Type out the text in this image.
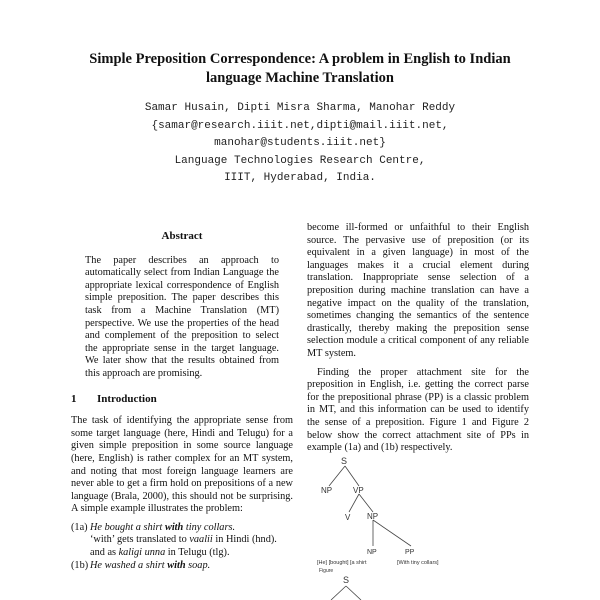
Simple Preposition Correspondence: A problem in English to Indian
language Machine Translation
Samar Husain, Dipti Misra Sharma, Manohar Reddy
{samar@research.iiit.net,dipti@mail.iiit.net,
manohar@students.iiit.net}
Language Technologies Research Centre,
IIIT, Hyderabad, India.
Abstract

The paper describes an approach to automatically select from Indian Language the appropriate lexical correspondence of English simple preposition. The paper describes this task from a Machine Translation (MT) perspective. We use the properties of the head and complement of the preposition to select the appropriate sense in the target language. We later show that the results obtained from this approach are promising.

1 Introduction

The task of identifying the appropriate sense from some target language (here, Hindi and Telugu) for a given simple preposition in some source language (here, English) is rather complex for an MT system, and noting that most foreign language learners are never able to get a firm hold on prepositions of a new language (Brala, 2000), this should not be surprising. A simple example illustrates the problem:

(1a) He bought a shirt with tiny collars.
‘with’ gets translated to vaalii in Hindi (hnd).
and as kaligi unna in Telugu (tlg).
(1b) He washed a shirt with soap.

become ill-formed or unfaithful to their English source. The pervasive use of preposition (or its equivalent in a given language) in most of the languages makes it a crucial element during translation. Inappropriate sense selection of a preposition during machine translation can have a negative impact on the quality of the translation, sometimes changing the semantics of the sentence drastically, thereby making the preposition sense selection module a critical component of any reliable MT system.

Finding the proper attachment site for the preposition in English, i.e. getting the correct parse for the prepositional phrase (PP) is a classic problem in MT, and this information can be used to identify the sense of a preposition. Figure 1 and Figure 2 below show the correct attachment site of PPs in example (1a) and (1b) respectively.

S
NP	VP
V NP
NP	PP
[He] [bought] [a shirt	[With tiny collars]
Figure
S
